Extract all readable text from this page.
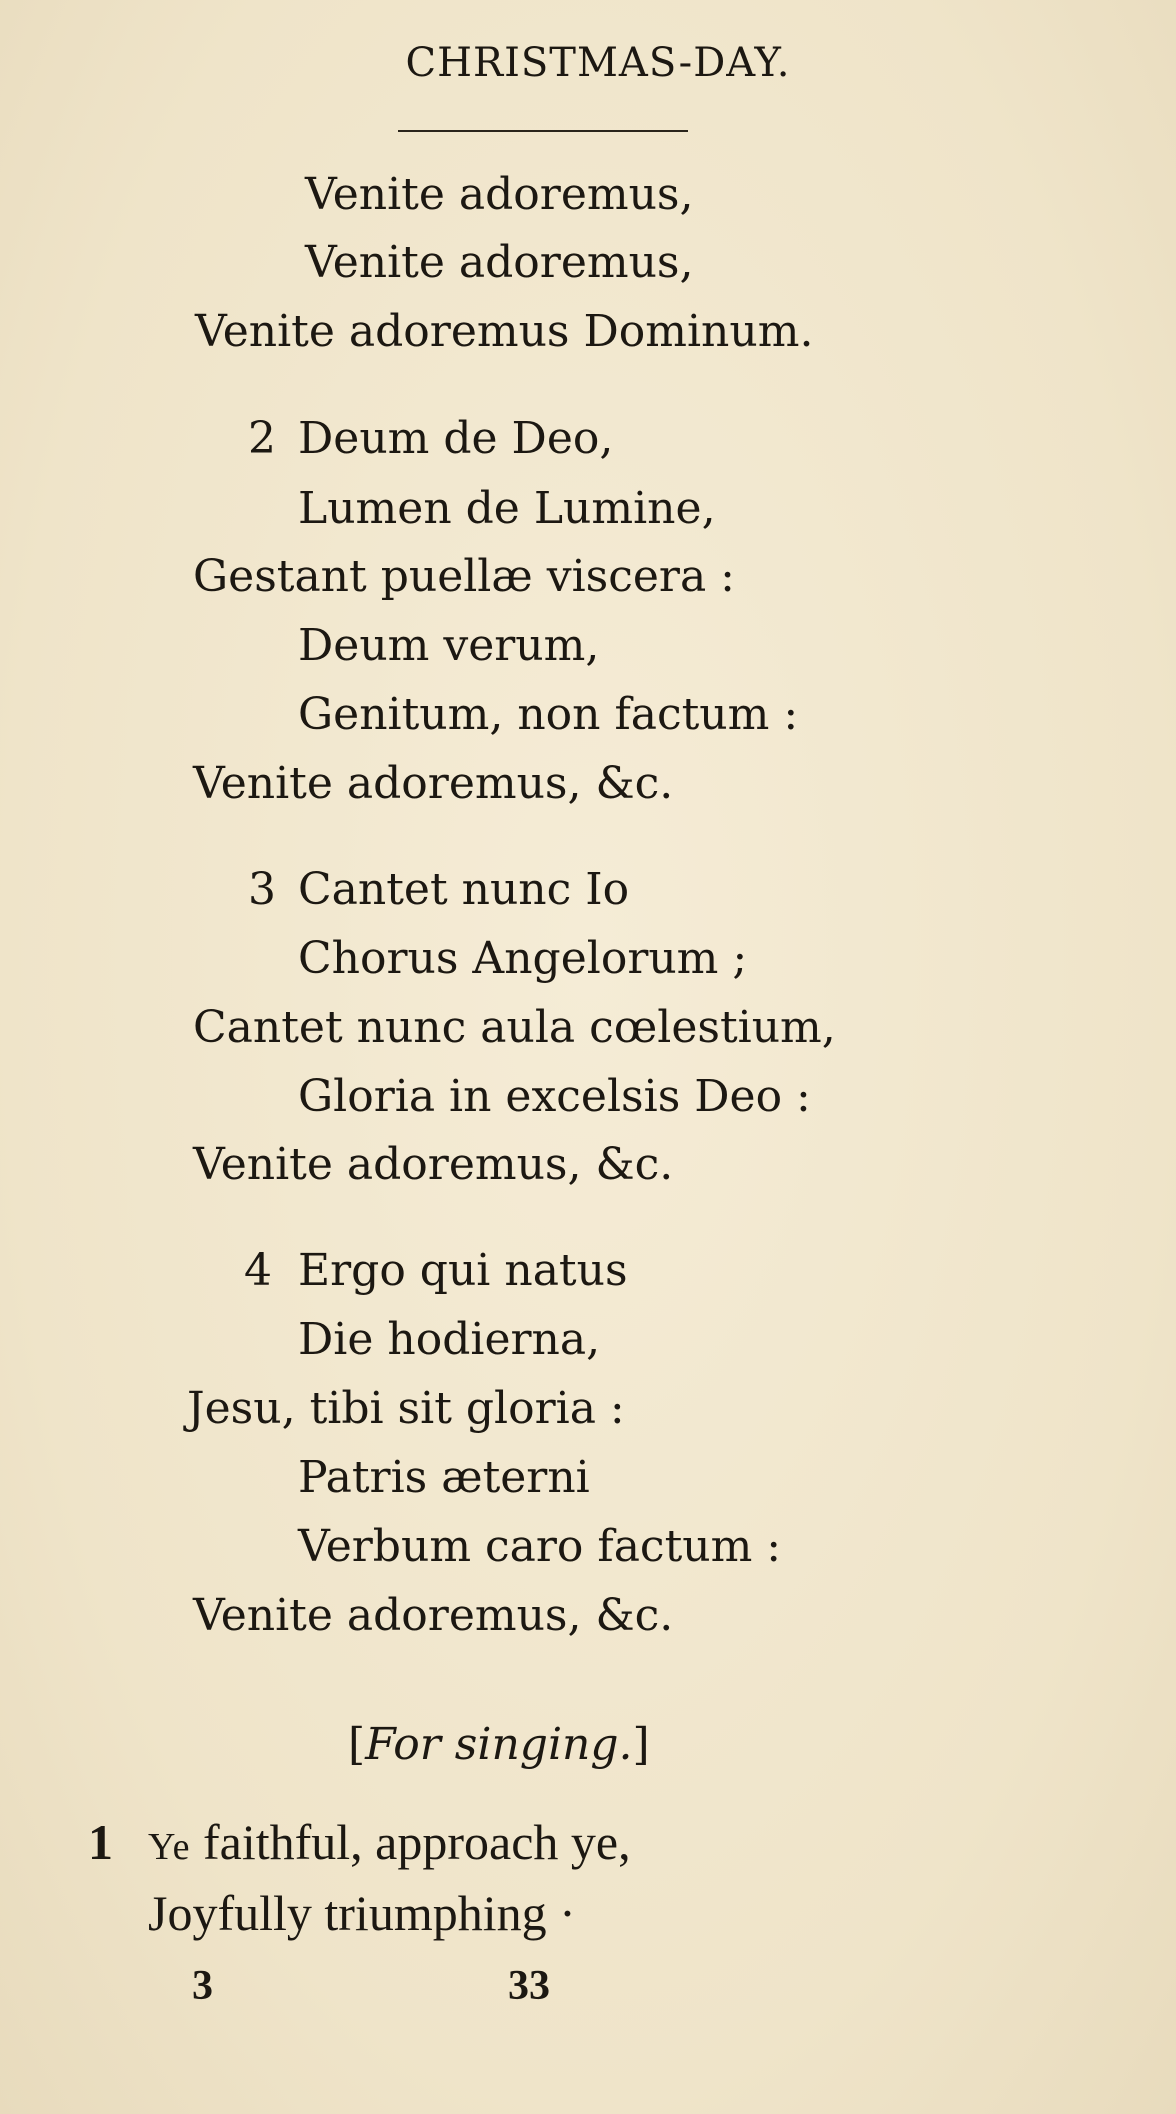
CHRISTMAS-DAY.
Venite adoremus,
Venite adoremus,
Venite adoremus Dominum.
2 Deum de Deo,
Lumen de Lumine,
Gestant puellæ viscera :
Deum verum,
Genitum, non factum :
Venite adoremus, &c.
3 Cantet nunc Io
Chorus Angelorum ;
Cantet nunc aula cœlestium,
Gloria in excelsis Deo :
Venite adoremus, &c.
4 Ergo qui natus
Die hodierna,
Jesu, tibi sit gloria :
Patris æterni
Verbum caro factum :
Venite adoremus, &c.
[For singing.]
1 Ye faithful, approach ye,
Joyfully triumphing ·
3	33
